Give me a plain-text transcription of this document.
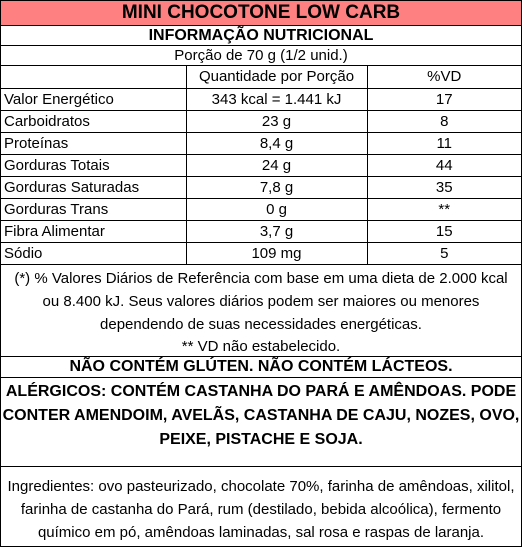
MINI CHOCOTONE LOW CARB
INFORMAÇÃO NUTRICIONAL
Porção de 70 g (1/2 unid.)
	Quantidade por Porção	%VD
Valor Energético	343 kcal = 1.441 kJ	17
Carboidratos	23 g	8
Proteínas	8,4 g	11
Gorduras Totais	24 g	44
Gorduras Saturadas	7,8 g	35
Gorduras Trans	0 g	**
Fibra Alimentar	3,7 g	15
Sódio	109 mg	5
(*) % Valores Diários de Referência com base em uma dieta de 2.000 kcal ou 8.400 kJ. Seus valores diários podem ser maiores ou menores dependendo de suas necessidades energéticas.
** VD não estabelecido.
NÃO CONTÉM GLÚTEN. NÃO CONTÉM LÁCTEOS.
ALÉRGICOS: CONTÉM CASTANHA DO PARÁ E AMÊNDOAS. PODE CONTER AMENDOIM, AVELÃS, CASTANHA DE CAJU, NOZES, OVO, PEIXE, PISTACHE E SOJA.
Ingredientes: ovo pasteurizado, chocolate 70%, farinha de amêndoas, xilitol, farinha de castanha do Pará, rum (destilado, bebida alcoólica), fermento químico em pó, amêndoas laminadas, sal rosa e raspas de laranja.
